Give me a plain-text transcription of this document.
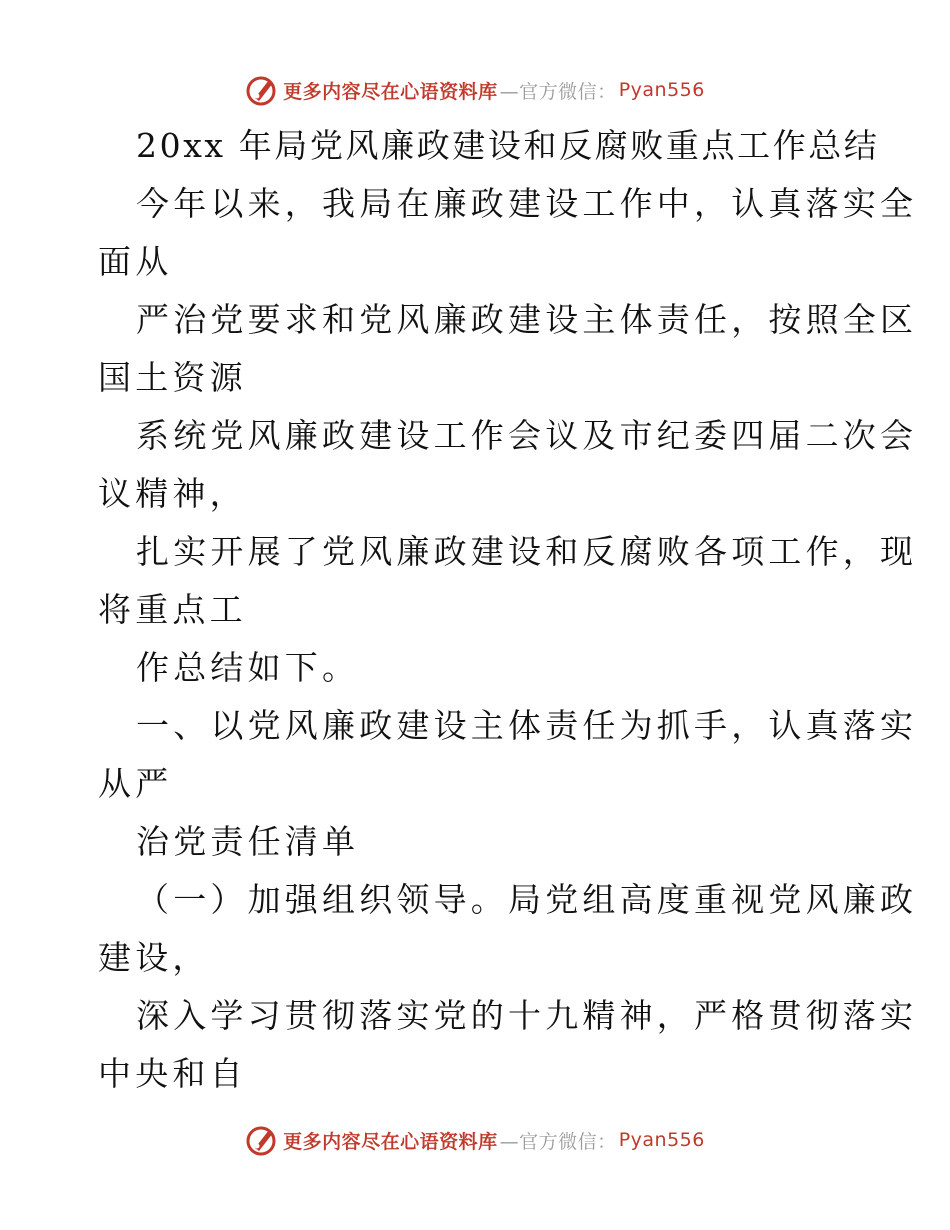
更多内容尽在心语资料库 —官方微信： Pyan556
20xx 年局党风廉政建设和反腐败重点工作总结
今年以来，我局在廉政建设工作中，认真落实全
面从
严治党要求和党风廉政建设主体责任，按照全区
国土资源
系统党风廉政建设工作会议及市纪委四届二次会
议精神，
扎实开展了党风廉政建设和反腐败各项工作，现
将重点工
作总结如下。
一、以党风廉政建设主体责任为抓手，认真落实
从严
治党责任清单
（一）加强组织领导。局党组高度重视党风廉政
建设，
深入学习贯彻落实党的十九精神，严格贯彻落实
中央和自
更多内容尽在心语资料库 —官方微信： Pyan556
